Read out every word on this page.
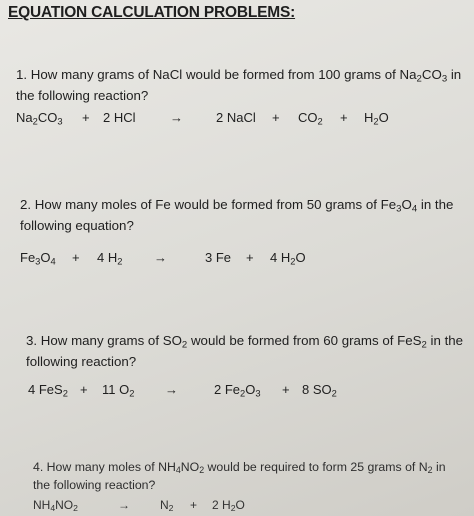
EQUATION CALCULATION PROBLEMS:
1. How many grams of NaCl would be formed from 100 grams of $Na_2CO_3$ in
the following reaction?
$Na_2CO_3 + 2$ HCl	→	2 NaCl + $CO_2 + H_2O$
2. How many moles of Fe would be formed from 50 grams of $Fe_3O_4$ in the
following equation?
$Fe_3O_4 + 4$ $H_2$ →	3 Fe + 4 $H_2O$
3. How many grams of $SO_2$ would be formed from 60 grams of FeS$_2$ in the
following reaction?
4 FeS$_2$ + 11 $O_2$ →	2 $Fe_2O_3 + 8$ $SO_2$
4. How many moles of $NH_4NO_2$ would be required to form 25 grams of $N_2$ in
the following reaction?
$NH_4NO_2$	→	$N_2 + 2$ $H_2O$
